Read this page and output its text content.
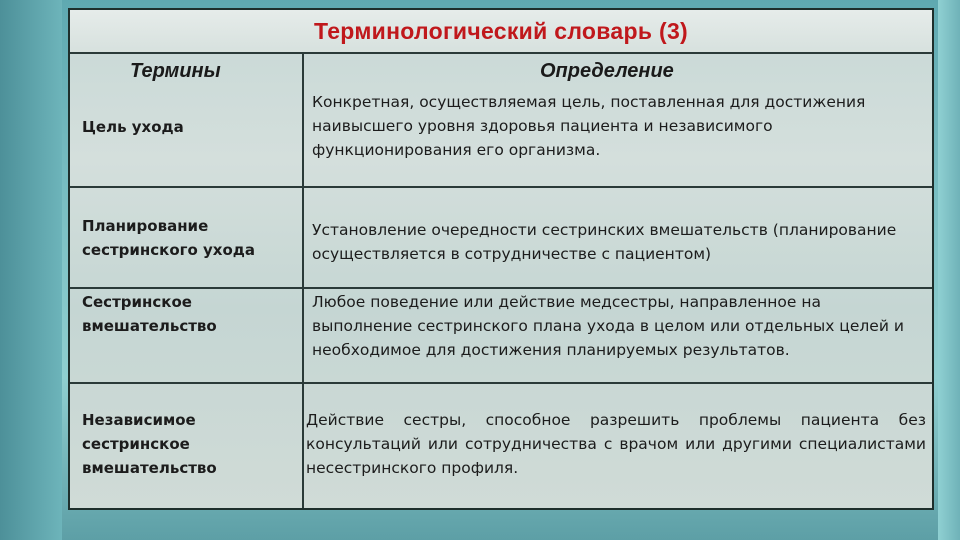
Терминологический словарь (3)
Термины	Определение
Цель ухода
Конкретная, осуществляемая цель, поставленная для достижения наивысшего уровня здоровья пациента и независимого функционирования его организма.
Планирование сестринского ухода
Установление очередности сестринских вмешательств (планирование осуществляется в сотрудничестве с пациентом)
Сестринское вмешательство
Любое поведение или действие медсестры, направленное на выполнение сестринского плана ухода в целом или отдельных целей и необходимое для достижения планируемых результатов.
Независимое сестринское вмешательство
Действие сестры, способное разрешить проблемы пациента без консультаций или сотрудничества с врачом или другими специалистами несестринского профиля.
